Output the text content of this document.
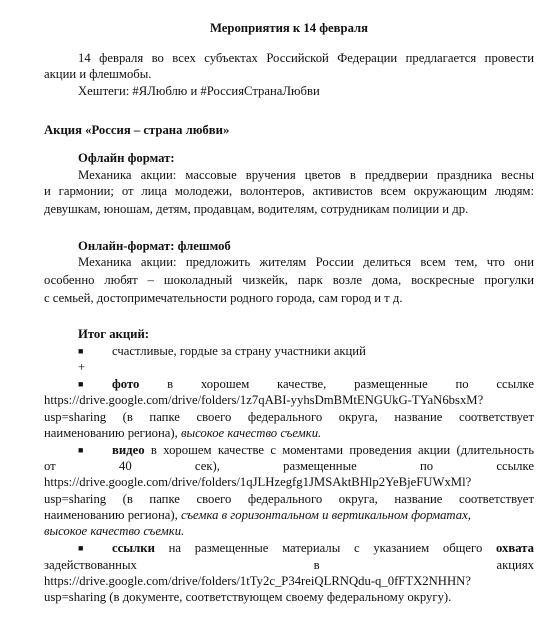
Мероприятия к 14 февраля
14 февраля во всех субъектах Российской Федерации предлагается провести
акции и флешмобы.
Хештеги: #ЯЛюблю и #РоссияСтранаЛюбви
Акция «Россия – страна любви»
Офлайн формат:
Механика акции: массовые вручения цветов в преддверии праздника весны
и гармонии; от лица молодежи, волонтеров, активистов всем окружающим людям:
девушкам, юношам, детям, продавцам, водителям, сотрудникам полиции и др.
Онлайн-формат: флешмоб
Механика акции: предложить жителям России делиться всем тем, что они
особенно любят – шоколадный чизкейк, парк возле дома, воскресные прогулки
с семьей, достопримечательности родного города, сам город и т д.
Итог акций:
■ счастливые, гордые за страну участники акций
+
■ фото в хорошем качестве, размещенные по ссылке
https://drive.google.com/drive/folders/1z7qABI-yyhsDmBMtENGUkG-TYaN6bsxM?
usp=sharing (в папке своего федерального округа, название соответствует
наименованию региона), высокое качество съемки.
■ видео в хорошем качестве с моментами проведения акции (длительность
от 40 сек), размещенные по ссылке
https://drive.google.com/drive/folders/1qJLHzegfg1JMSAktBHlp2YeBjeFUWxMl?
usp=sharing (в папке своего федерального округа, название соответствует
наименованию региона), съемка в горизонтальном и вертикальном форматах,
высокое качество съемки.
■ ссылки на размещенные материалы с указанием общего охвата
задействованных в акциях
https://drive.google.com/drive/folders/1tTy2c_P34reiQLRNQdu-q_0fFTX2NHHN?
usp=sharing (в документе, соответствующем своему федеральному округу).
